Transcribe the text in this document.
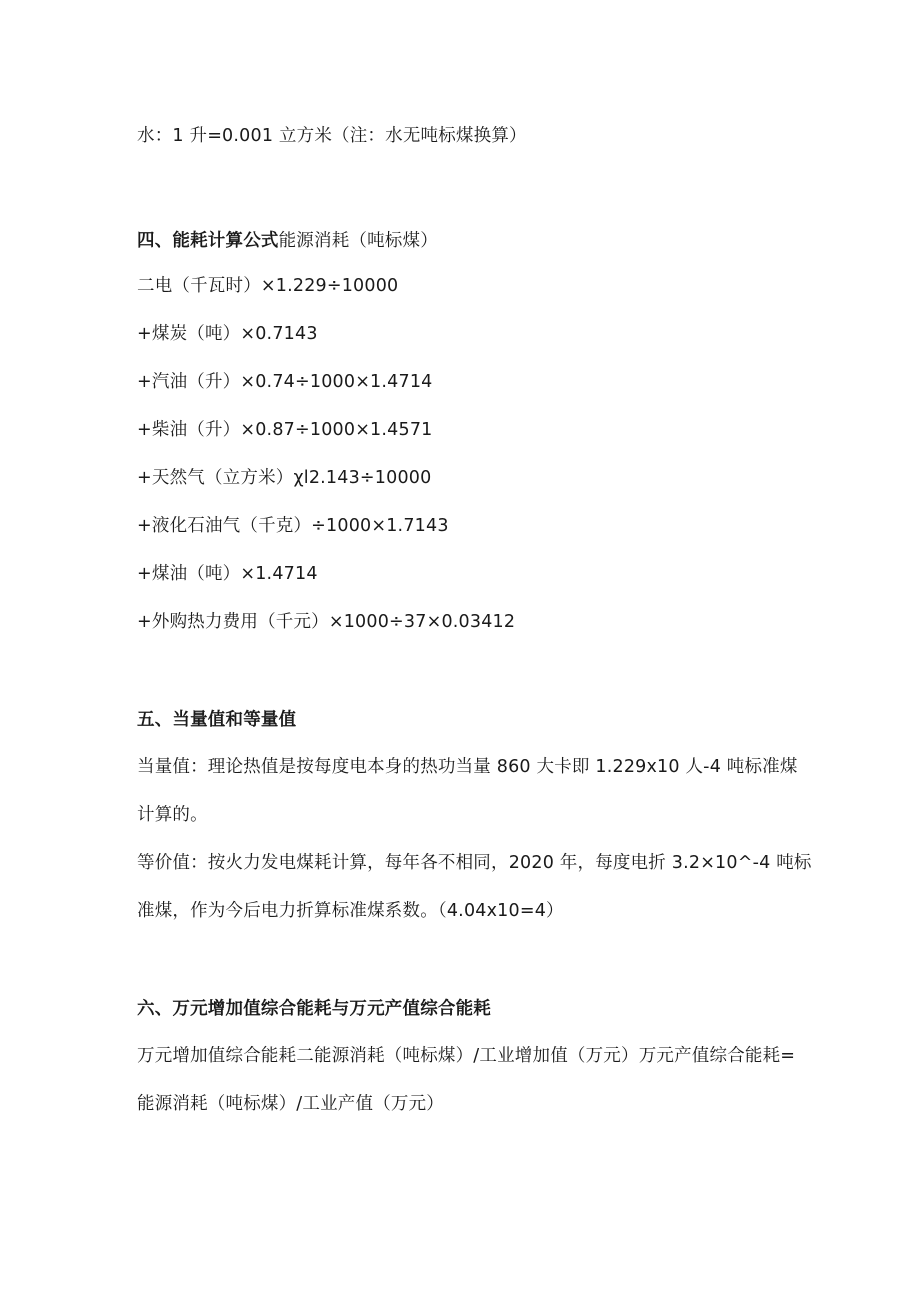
水：1 升=0.001 立方米（注：水无吨标煤换算）
四、能耗计算公式能源消耗（吨标煤）
二电（千瓦时）×1.229÷10000
+煤炭（吨）×0.7143
+汽油（升）×0.74÷1000×1.4714
+柴油（升）×0.87÷1000×1.4571
+天然气（立方米）χl2.143÷10000
+液化石油气（千克）÷1000×1.7143
+煤油（吨）×1.4714
+外购热力费用（千元）×1000÷37×0.03412
五、当量值和等量值
当量值：理论热值是按每度电本身的热功当量 860 大卡即 1.229x10 人-4 吨标准煤
计算的。
等价值：按火力发电煤耗计算，每年各不相同，2020 年，每度电折 3.2×10^-4 吨标
准煤，作为今后电力折算标准煤系数。（4.04x10=4）
六、万元增加值综合能耗与万元产值综合能耗
万元增加值综合能耗二能源消耗（吨标煤）/工业增加值（万元）万元产值综合能耗=
能源消耗（吨标煤）/工业产值（万元）
